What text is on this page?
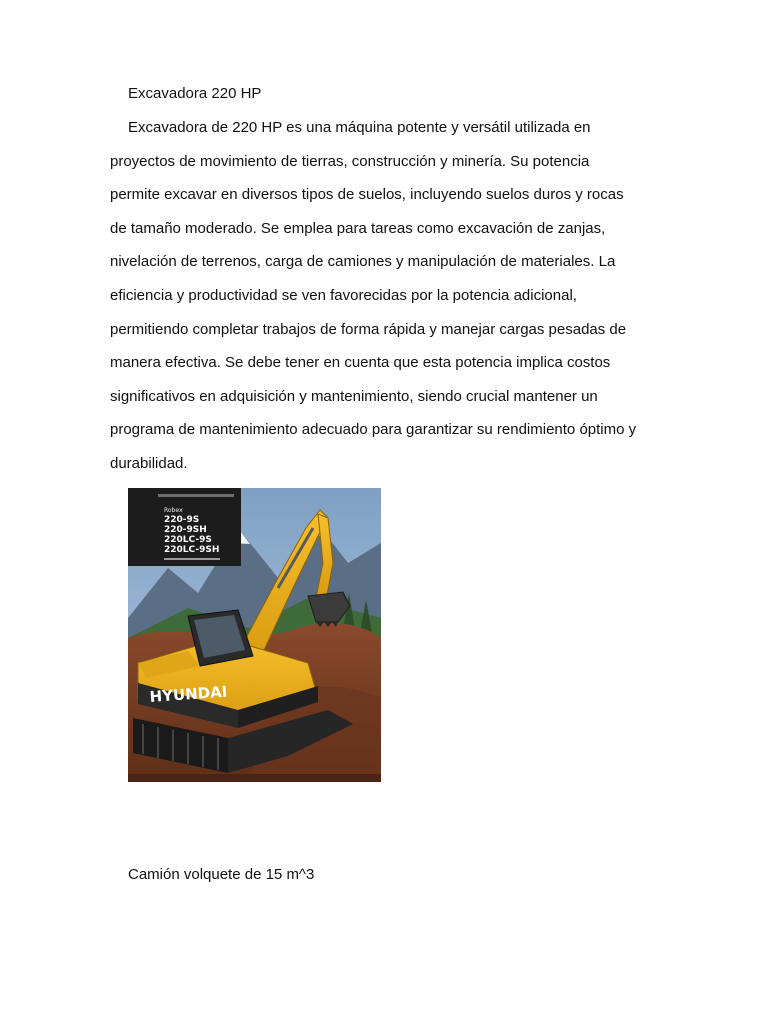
Excavadora 220 HP
Excavadora de 220 HP es una máquina potente y versátil utilizada en
proyectos de movimiento de tierras, construcción y minería. Su potencia
permite excavar en diversos tipos de suelos, incluyendo suelos duros y rocas
de tamaño moderado. Se emplea para tareas como excavación de zanjas,
nivelación de terrenos, carga de camiones y manipulación de materiales. La
eficiencia y productividad se ven favorecidas por la potencia adicional,
permitiendo completar trabajos de forma rápida y manejar cargas pesadas de
manera efectiva. Se debe tener en cuenta que esta potencia implica costos
significativos en adquisición y mantenimiento, siendo crucial mantener un
programa de mantenimiento adecuado para garantizar su rendimiento óptimo y
durabilidad.
Robex
220-9S
220-9SH
220LC-9S
220LC-9SH
HYUNDAI
Camión volquete de 15 m^3
